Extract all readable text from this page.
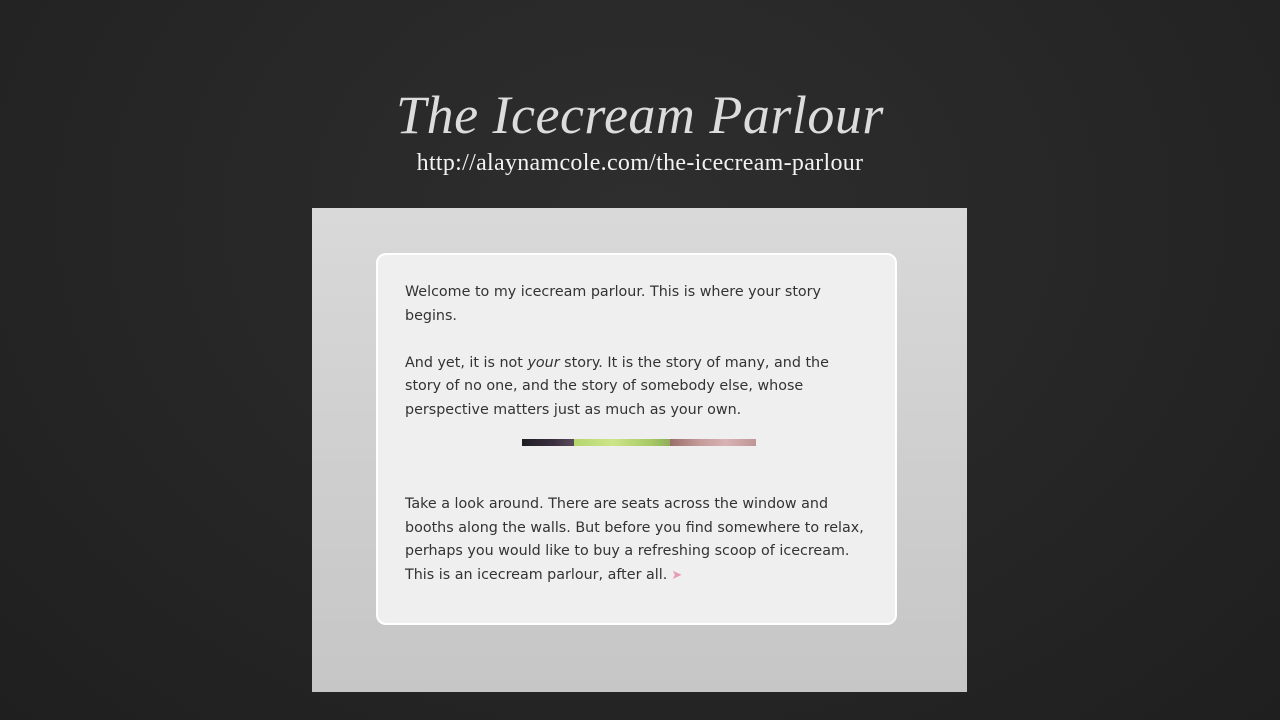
The Icecream Parlour
http://alaynamcole.com/the-icecream-parlour

Welcome to my icecream parlour. This is where your story begins.

And yet, it is not your story. It is the story of many, and the story of no one, and the story of somebody else, whose perspective matters just as much as your own.

Take a look around. There are seats across the window and booths along the walls. But before you find somewhere to relax, perhaps you would like to buy a refreshing scoop of icecream. This is an icecream parlour, after all. ➤
